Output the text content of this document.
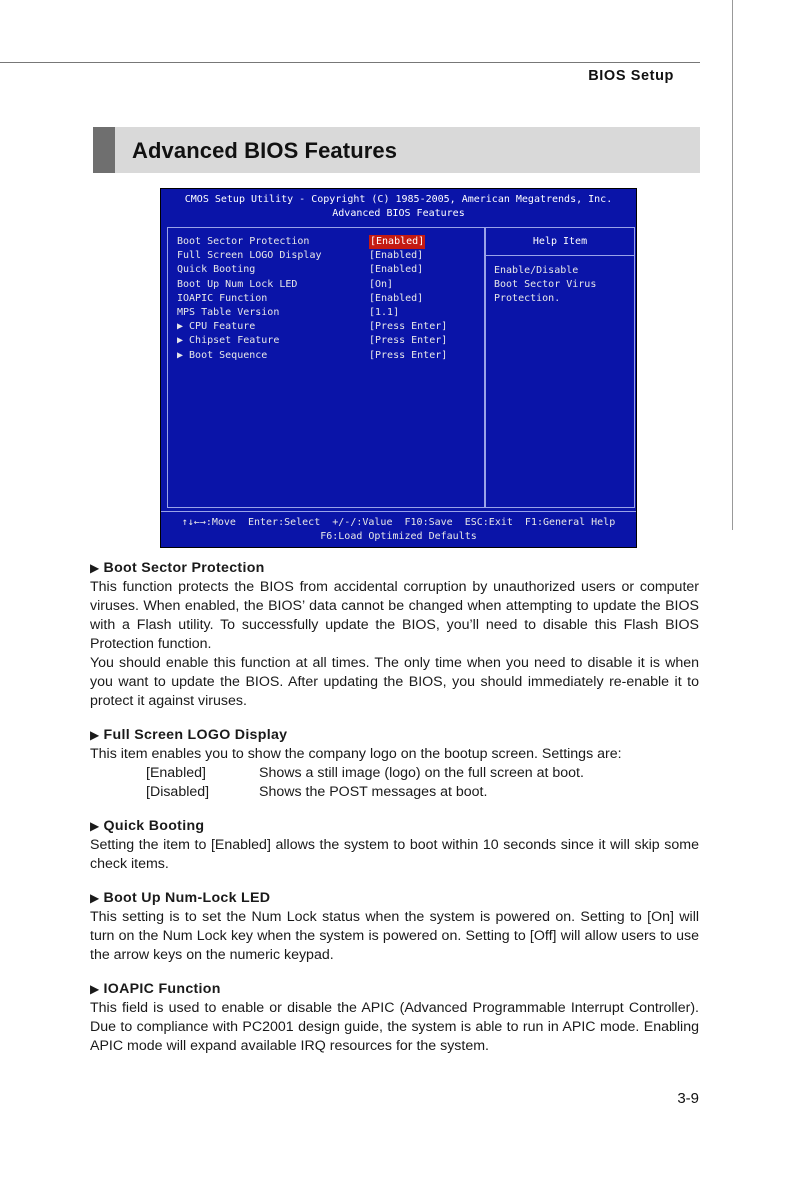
BIOS Setup
Advanced BIOS Features
CMOS Setup Utility - Copyright (C) 1985-2005, American Megatrends, Inc.
Advanced BIOS Features
Help Item
Enable/Disable
Boot Sector Virus
Protection.
Boot Sector Protection	[Enabled]
Full Screen LOGO Display	[Enabled]
Quick Booting	[Enabled]
Boot Up Num Lock LED	[On]
IOAPIC Function	[Enabled]
MPS Table Version	[1.1]
▶ CPU Feature	[Press Enter]
▶ Chipset Feature	[Press Enter]
▶ Boot Sequence	[Press Enter]
↑↓←→:Move  Enter:Select  +/-/:Value  F10:Save  ESC:Exit  F1:General Help
F6:Load Optimized Defaults
▶ Boot Sector Protection
This function protects the BIOS from accidental corruption by unauthorized users or computer viruses. When enabled, the BIOS’ data cannot be changed when attempting to update the BIOS with a Flash utility. To successfully update the BIOS, you’ll need to disable this Flash BIOS Protection function.
You should enable this function at all times. The only time when you need to disable it is when you want to update the BIOS. After updating the BIOS, you should immediately re-enable it to protect it against viruses.
▶ Full Screen LOGO Display
This item enables you to show the company logo on the bootup screen. Settings are:
[Enabled]	Shows a still image (logo) on the full screen at boot.
[Disabled]	Shows the POST messages at boot.
▶ Quick Booting
Setting the item to [Enabled] allows the system to boot within 10 seconds since it will skip some check items.
▶ Boot Up Num-Lock LED
This setting is to set the Num Lock status when the system is powered on. Setting to [On] will turn on the Num Lock key when the system is powered on. Setting to [Off] will allow users to use the arrow keys on the numeric keypad.
▶ IOAPIC Function
This field is used to enable or disable the APIC (Advanced Programmable Interrupt Controller). Due to compliance with PC2001 design guide, the system is able to run in APIC mode. Enabling APIC mode will expand available IRQ resources for the system.
3-9
